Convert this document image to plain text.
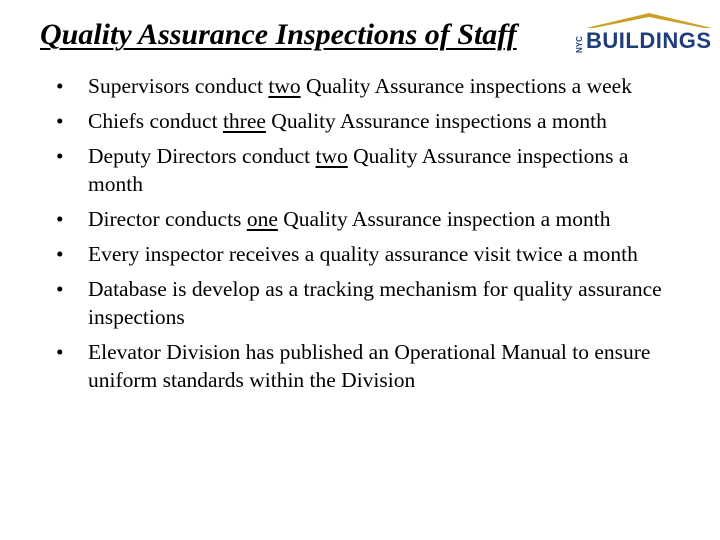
Quality Assurance Inspections of Staff	NYC BUILDINGS
•	Supervisors conduct two Quality Assurance inspections a week
•	Chiefs conduct three Quality Assurance inspections a month
•	Deputy Directors conduct two Quality Assurance inspections a month
•	Director conducts one Quality Assurance inspection a month
•	Every inspector receives a quality assurance visit twice a month
•	Database is develop as a tracking mechanism for quality assurance inspections
•	Elevator Division has published an Operational Manual to ensure uniform standards within the Division
